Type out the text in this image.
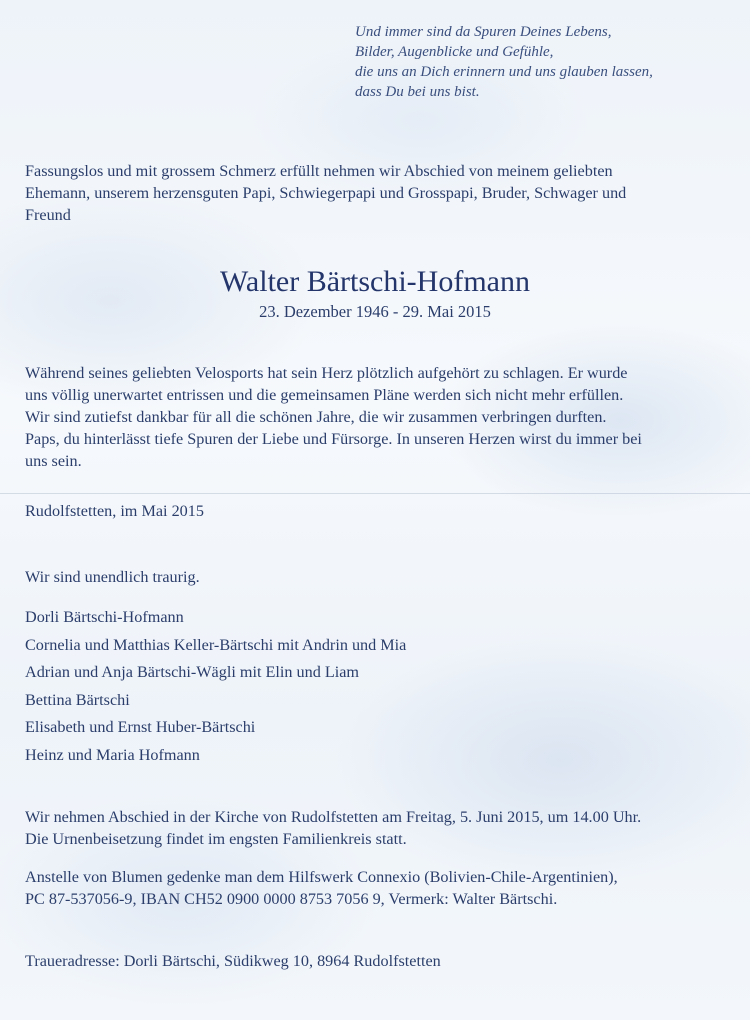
Und immer sind da Spuren Deines Lebens,
Bilder, Augenblicke und Gefühle,
die uns an Dich erinnern und uns glauben lassen,
dass Du bei uns bist.
Fassungslos und mit grossem Schmerz erfüllt nehmen wir Abschied von meinem geliebten
Ehemann, unserem herzensguten Papi, Schwiegerpapi und Grosspapi, Bruder, Schwager und
Freund
Walter Bärtschi-Hofmann
23. Dezember 1946 - 29. Mai 2015
Während seines geliebten Velosports hat sein Herz plötzlich aufgehört zu schlagen. Er wurde
uns völlig unerwartet entrissen und die gemeinsamen Pläne werden sich nicht mehr erfüllen.
Wir sind zutiefst dankbar für all die schönen Jahre, die wir zusammen verbringen durften.
Paps, du hinterlässt tiefe Spuren der Liebe und Fürsorge. In unseren Herzen wirst du immer bei
uns sein.
Rudolfstetten, im Mai 2015
Wir sind unendlich traurig.
Dorli Bärtschi-Hofmann
Cornelia und Matthias Keller-Bärtschi mit Andrin und Mia
Adrian und Anja Bärtschi-Wägli mit Elin und Liam
Bettina Bärtschi
Elisabeth und Ernst Huber-Bärtschi
Heinz und Maria Hofmann
Wir nehmen Abschied in der Kirche von Rudolfstetten am Freitag, 5. Juni 2015, um 14.00 Uhr.
Die Urnenbeisetzung findet im engsten Familienkreis statt.
Anstelle von Blumen gedenke man dem Hilfswerk Connexio (Bolivien-Chile-Argentinien),
PC 87-537056-9, IBAN CH52 0900 0000 8753 7056 9, Vermerk: Walter Bärtschi.
Traueradresse: Dorli Bärtschi, Südikweg 10, 8964 Rudolfstetten
